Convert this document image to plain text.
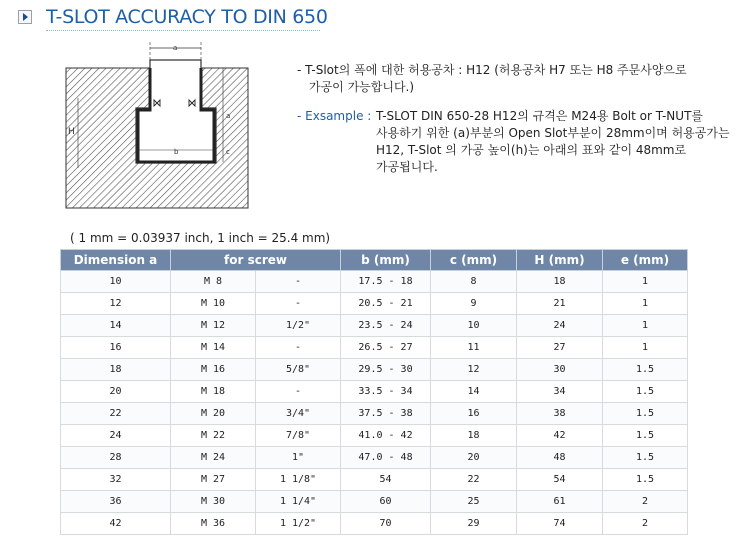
T-SLOT ACCURACY TO DIN 650
a
b
a
c
H
- T-Slot의 폭에 대한 허용공차 : H12 (허용공차 H7 또는 H8 주문사양으로
가공이 가능합니다.)
- Exsample : T-SLOT DIN 650-28 H12의 규격은 M24용 Bolt or T-NUT를
사용하기 위한 (a)부분의 Open Slot부분이 28mm이며 허용공가는
H12, T-Slot 의 가공 높이(h)는 아래의 표와 같이 48mm로
가공됩니다.
( 1 mm = 0.03937 inch, 1 inch = 25.4 mm)
Dimension a	for screw		b (mm)	c (mm)	H (mm)	e (mm)
10	M 8	-	17.5 - 18	8	18	1
12	M 10	-	20.5 - 21	9	21	1
14	M 12	1/2"	23.5 - 24	10	24	1
16	M 14	-	26.5 - 27	11	27	1
18	M 16	5/8"	29.5 - 30	12	30	1.5
20	M 18	-	33.5 - 34	14	34	1.5
22	M 20	3/4"	37.5 - 38	16	38	1.5
24	M 22	7/8"	41.0 - 42	18	42	1.5
28	M 24	1"	47.0 - 48	20	48	1.5
32	M 27	1 1/8"	54	22	54	1.5
36	M 30	1 1/4"	60	25	61	2
42	M 36	1 1/2"	70	29	74	2
